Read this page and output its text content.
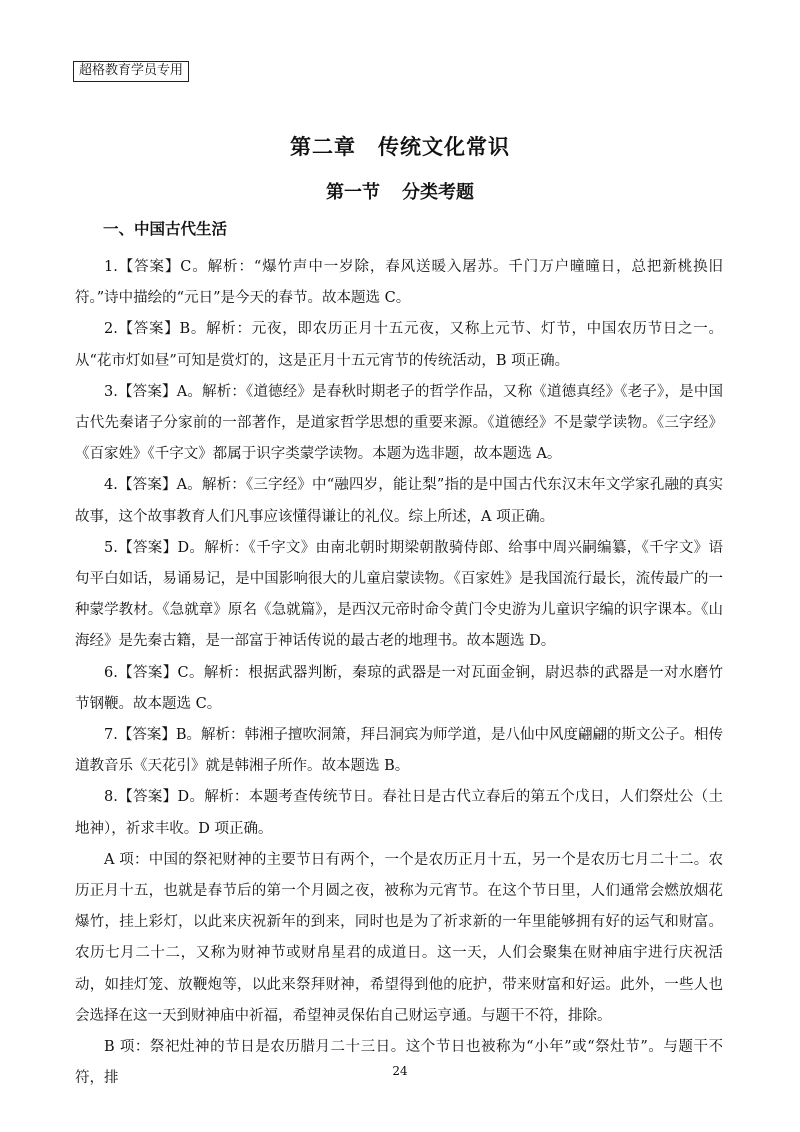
超格教育学员专用
第二章 传统文化常识
第一节 分类考题
一、中国古代生活

1.【答案】C。解析：“爆竹声中一岁除，春风送暖入屠苏。千门万户曈曈日，总把新桃换旧符。”诗中描绘的“元日”是今天的春节。故本题选 C。

2.【答案】B。解析：元夜，即农历正月十五元夜，又称上元节、灯节，中国农历节日之一。从“花市灯如昼”可知是赏灯的，这是正月十五元宵节的传统活动，B 项正确。

3.【答案】A。解析：《道德经》是春秋时期老子的哲学作品，又称《道德真经》《老子》，是中国古代先秦诸子分家前的一部著作，是道家哲学思想的重要来源。《道德经》不是蒙学读物。《三字经》《百家姓》《千字文》都属于识字类蒙学读物。本题为选非题，故本题选 A。

4.【答案】A。解析：《三字经》中“融四岁，能让梨”指的是中国古代东汉末年文学家孔融的真实故事，这个故事教育人们凡事应该懂得谦让的礼仪。综上所述，A 项正确。

5.【答案】D。解析：《千字文》由南北朝时期梁朝散骑侍郎、给事中周兴嗣编纂，《千字文》语句平白如话，易诵易记，是中国影响很大的儿童启蒙读物。《百家姓》是我国流行最长，流传最广的一种蒙学教材。《急就章》原名《急就篇》，是西汉元帝时命令黄门令史游为儿童识字编的识字课本。《山海经》是先秦古籍，是一部富于神话传说的最古老的地理书。故本题选 D。

6.【答案】C。解析：根据武器判断，秦琼的武器是一对瓦面金锏，尉迟恭的武器是一对水磨竹节钢鞭。故本题选 C。

7.【答案】B。解析：韩湘子擅吹洞箫，拜吕洞宾为师学道，是八仙中风度翩翩的斯文公子。相传道教音乐《天花引》就是韩湘子所作。故本题选 B。

8.【答案】D。解析：本题考查传统节日。春社日是古代立春后的第五个戊日，人们祭灶公（土地神），祈求丰收。D 项正确。

A 项：中国的祭祀财神的主要节日有两个，一个是农历正月十五，另一个是农历七月二十二。农历正月十五，也就是春节后的第一个月圆之夜，被称为元宵节。在这个节日里，人们通常会燃放烟花爆竹，挂上彩灯，以此来庆祝新年的到来，同时也是为了祈求新的一年里能够拥有好的运气和财富。农历七月二十二，又称为财神节或财帛星君的成道日。这一天，人们会聚集在财神庙宇进行庆祝活动，如挂灯笼、放鞭炮等，以此来祭拜财神，希望得到他的庇护，带来财富和好运。此外，一些人也会选择在这一天到财神庙中祈福，希望神灵保佑自己财运亨通。与题干不符，排除。

B 项：祭祀灶神的节日是农历腊月二十三日。这个节日也被称为“小年”或“祭灶节”。与题干不符，排	24
